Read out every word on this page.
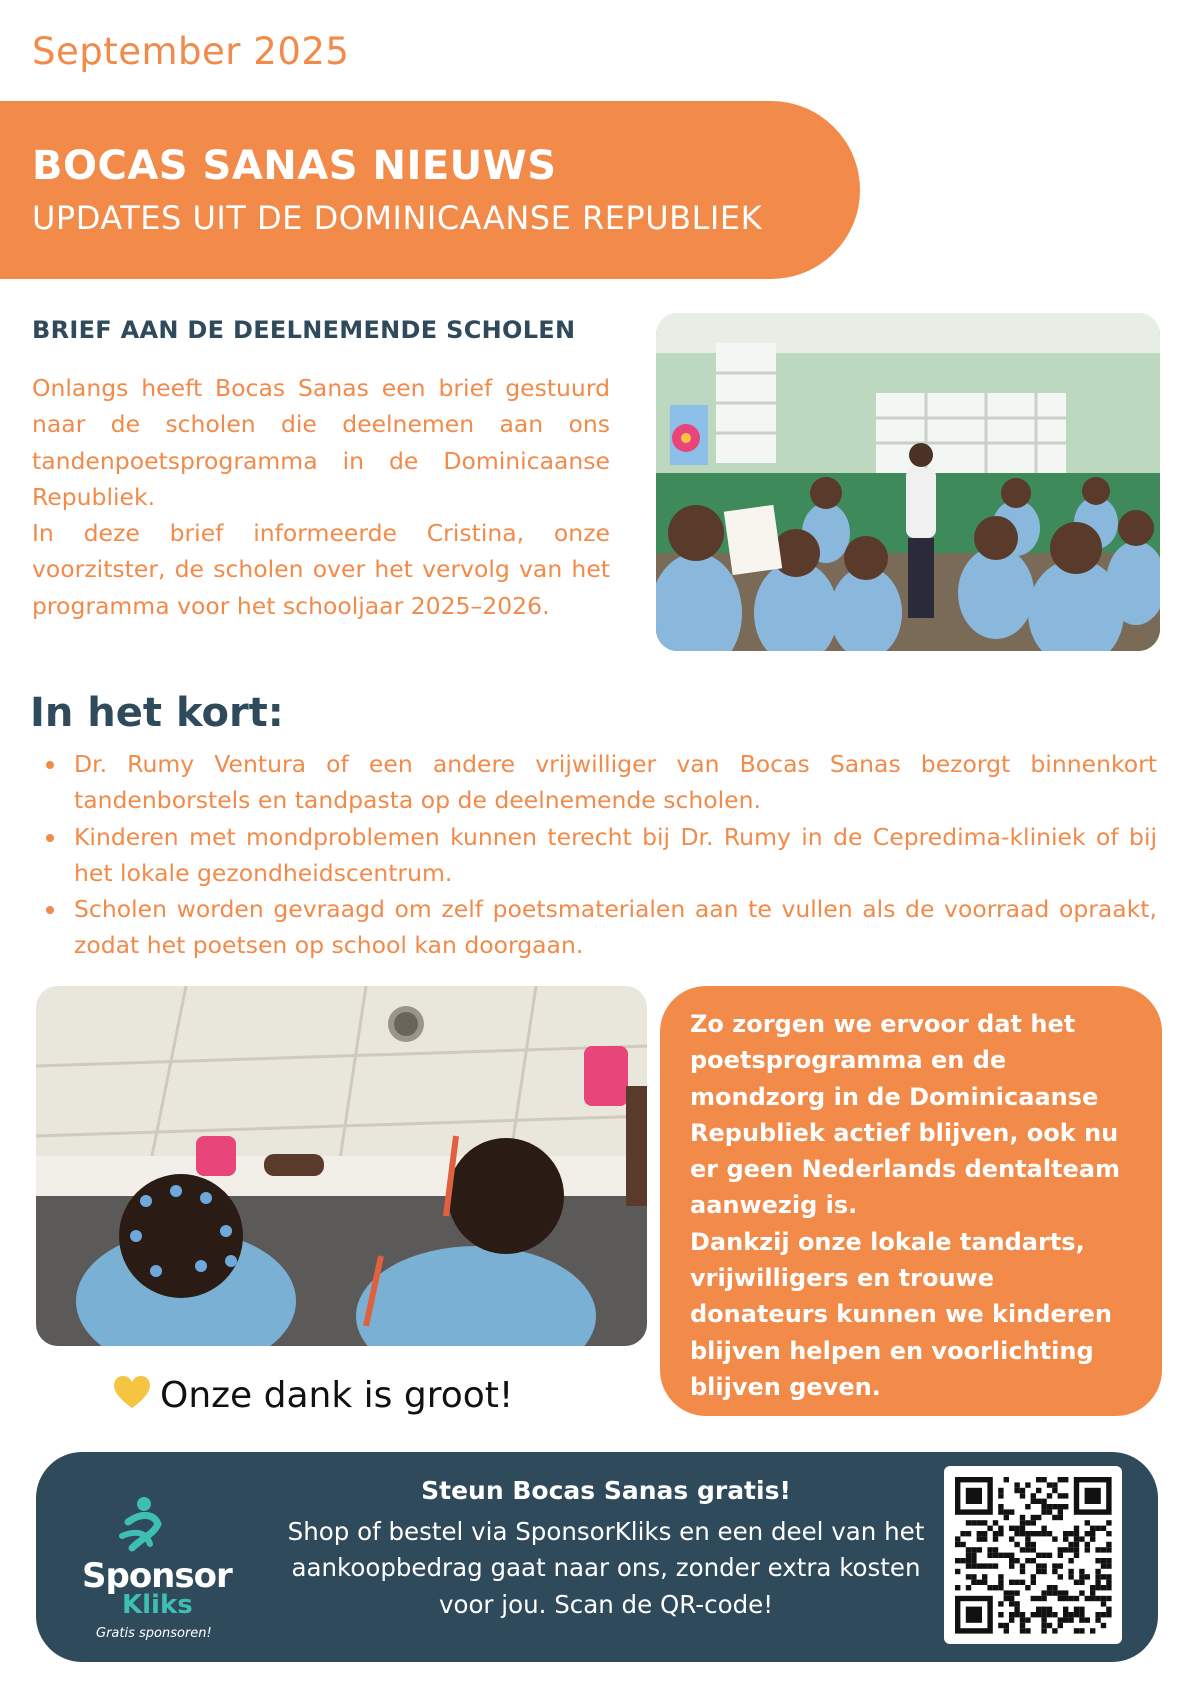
September 2025
BOCAS SANAS NIEUWS
UPDATES UIT DE DOMINICAANSE REPUBLIEK
BRIEF AAN DE DEELNEMENDE SCHOLEN

Onlangs heeft Bocas Sanas een brief gestuurd naar de scholen die deelnemen aan ons tandenpoetsprogramma in de Dominicaanse Republiek.

In deze brief informeerde Cristina, onze voorzitster, de scholen over het vervolg van het programma voor het schooljaar 2025–2026.

In het kort:
Dr. Rumy Ventura of een andere vrijwilliger van Bocas Sanas bezorgt binnenkort tandenborstels en tandpasta op de deelnemende scholen.
Kinderen met mondproblemen kunnen terecht bij Dr. Rumy in de Cepredima-kliniek of bij het lokale gezondheidscentrum.
Scholen worden gevraagd om zelf poetsmaterialen aan te vullen als de voorraad opraakt, zodat het poetsen op school kan doorgaan.

Zo zorgen we ervoor dat het poetsprogramma en de mondzorg in de Dominicaanse Republiek actief blijven, ook nu er geen Nederlands dentalteam aanwezig is.
Dankzij onze lokale tandarts, vrijwilligers en trouwe donateurs kunnen we kinderen blijven helpen en voorlichting blijven geven.

Onze dank is groot!
Sponsor
Kliks
Gratis sponsoren!
Steun Bocas Sanas gratis!
Shop of bestel via SponsorKliks en een deel van het aankoopbedrag gaat naar ons, zonder extra kosten voor jou. Scan de QR-code!
